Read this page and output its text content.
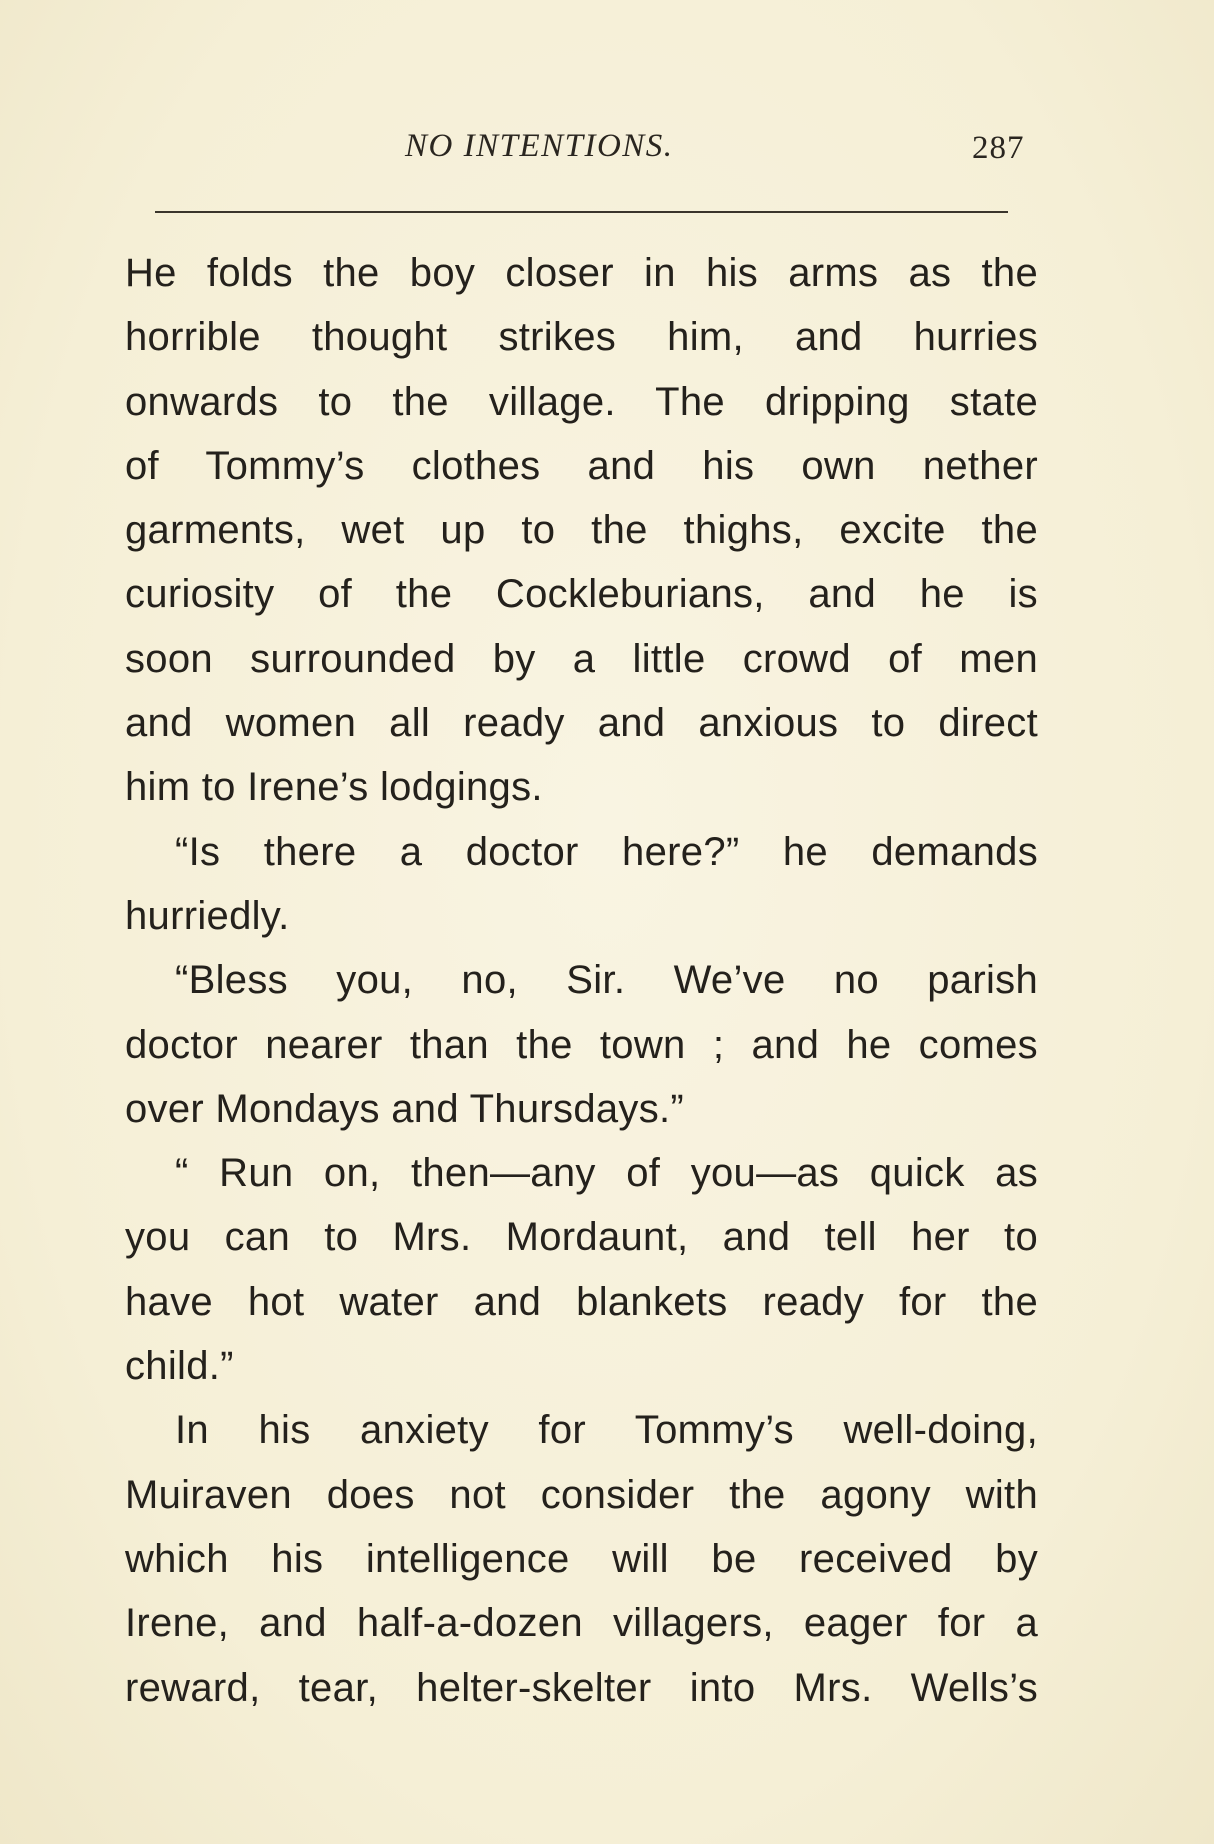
NO INTENTIONS.	287
He folds the boy closer in his arms as the
horrible thought strikes him, and hurries
onwards to the village. The dripping state
of Tommy’s clothes and his own nether
garments, wet up to the thighs, excite the
curiosity of the Cockleburians, and he is
soon surrounded by a little crowd of men
and women all ready and anxious to direct
him to Irene’s lodgings.
“Is there a doctor here?” he demands
hurriedly.
“Bless you, no, Sir. We’ve no parish
doctor nearer than the town ; and he comes
over Mondays and Thursdays.”
“ Run on, then—any of you—as quick as
you can to Mrs. Mordaunt, and tell her to
have hot water and blankets ready for the
child.”
In his anxiety for Tommy’s well-doing,
Muiraven does not consider the agony with
which his intelligence will be received by
Irene, and half-a-dozen villagers, eager for a
reward, tear, helter-skelter into Mrs. Wells’s
